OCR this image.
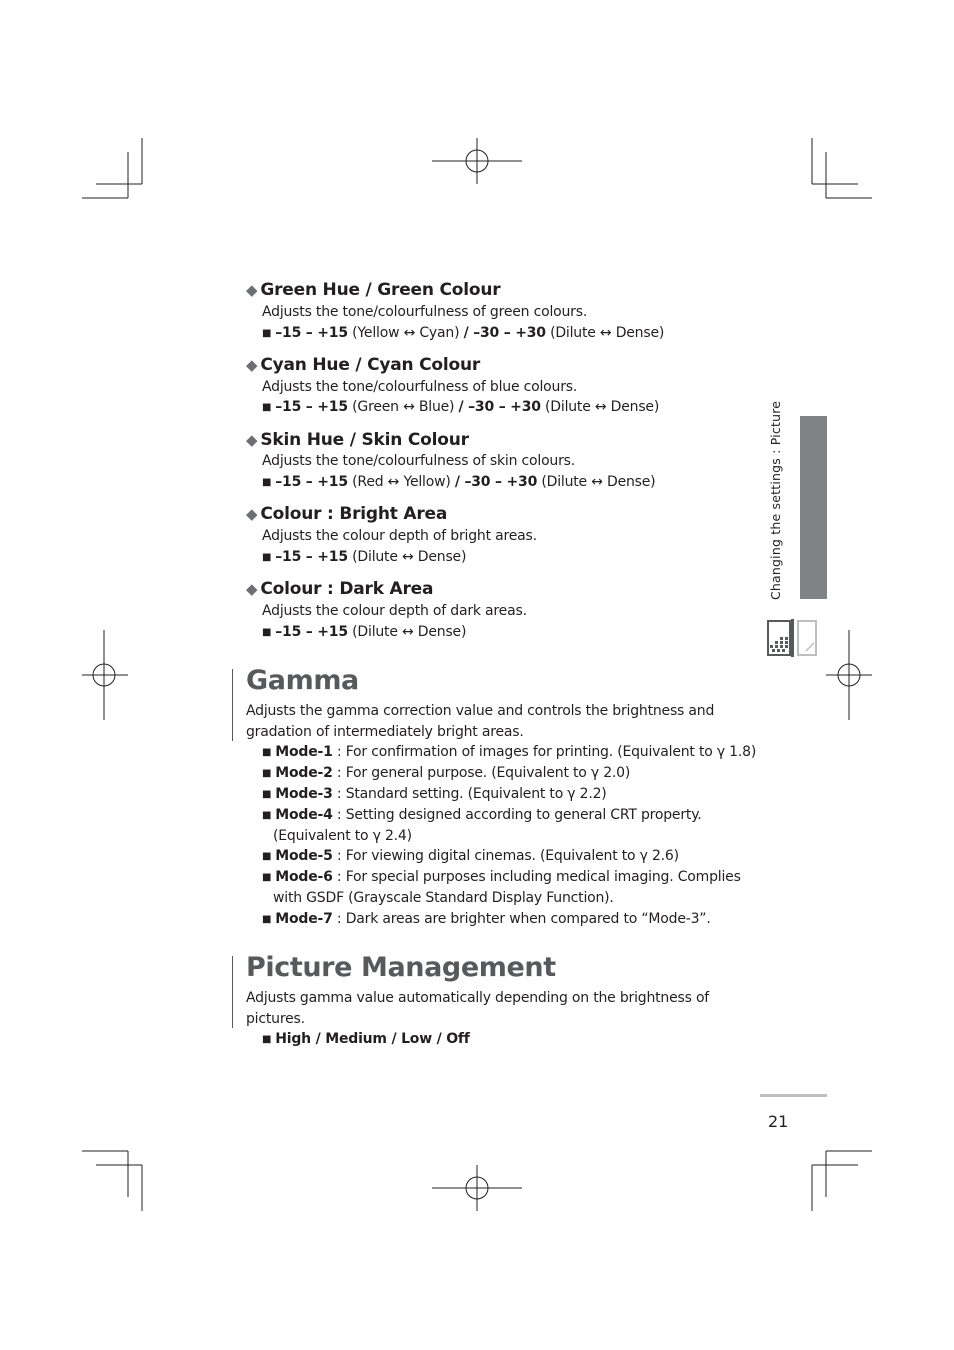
◆ Green Hue / Green Colour
Adjusts the tone/colourfulness of green colours.
■ –15 – +15 (Yellow ↔ Cyan) / –30 – +30 (Dilute ↔ Dense)
◆ Cyan Hue / Cyan Colour
Adjusts the tone/colourfulness of blue colours.
■ –15 – +15 (Green ↔ Blue) / –30 – +30 (Dilute ↔ Dense)
◆ Skin Hue / Skin Colour
Adjusts the tone/colourfulness of skin colours.
■ –15 – +15 (Red ↔ Yellow) / –30 – +30 (Dilute ↔ Dense)
◆ Colour : Bright Area
Adjusts the colour depth of bright areas.
■ –15 – +15 (Dilute ↔ Dense)
◆ Colour : Dark Area
Adjusts the colour depth of dark areas.
■ –15 – +15 (Dilute ↔ Dense)
Gamma
Adjusts the gamma correction value and controls the brightness and
gradation of intermediately bright areas.
■ Mode-1 : For confirmation of images for printing. (Equivalent to γ 1.8)
■ Mode-2 : For general purpose. (Equivalent to γ 2.0)
■ Mode-3 : Standard setting. (Equivalent to γ 2.2)
■ Mode-4 : Setting designed according to general CRT property.
(Equivalent to γ 2.4)
■ Mode-5 : For viewing digital cinemas. (Equivalent to γ 2.6)
■ Mode-6 : For special purposes including medical imaging. Complies
with GSDF (Grayscale Standard Display Function).
■ Mode-7 : Dark areas are brighter when compared to “Mode-3”.
Picture Management
Adjusts gamma value automatically depending on the brightness of
pictures.
■ High / Medium / Low / Off
Changing the settings : Picture
21
